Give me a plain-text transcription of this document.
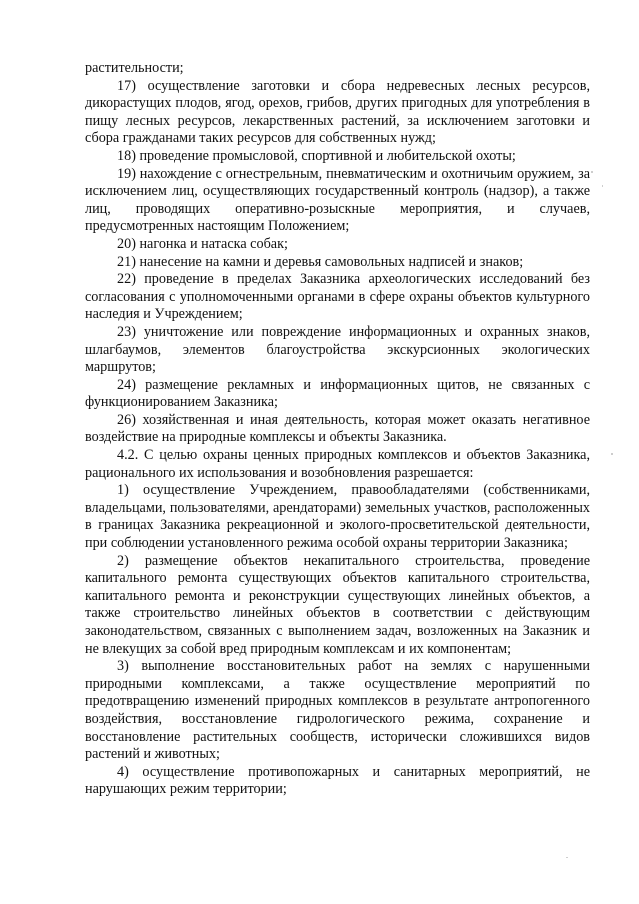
растительности;

17) осуществление заготовки и сбора недревесных лесных ресурсов, дикорастущих плодов, ягод, орехов, грибов, других пригодных для употребления в пищу лесных ресурсов, лекарственных растений, за исключением заготовки и сбора гражданами таких ресурсов для собственных нужд;

18) проведение промысловой, спортивной и любительской охоты;

19) нахождение с огнестрельным, пневматическим и охотничьим оружием, за исключением лиц, осуществляющих государственный контроль (надзор), а также лиц, проводящих оперативно-розыскные мероприятия, и случаев, предусмотренных настоящим Положением;

20) нагонка и натаска собак;

21) нанесение на камни и деревья самовольных надписей и знаков;

22) проведение в пределах Заказника археологических исследований без согласования с уполномоченными органами в сфере охраны объектов культурного наследия и Учреждением;

23) уничтожение или повреждение информационных и охранных знаков, шлагбаумов, элементов благоустройства экскурсионных экологических маршрутов;

24) размещение рекламных и информационных щитов, не связанных с функционированием Заказника;

26) хозяйственная и иная деятельность, которая может оказать негативное воздействие на природные комплексы и объекты Заказника.

4.2. С целью охраны ценных природных комплексов и объектов Заказника, рационального их использования и возобновления разрешается:

1) осуществление Учреждением, правообладателями (собственниками, владельцами, пользователями, арендаторами) земельных участков, расположенных в границах Заказника рекреационной и эколого-просветительской деятельности, при соблюдении установленного режима особой охраны территории Заказника;

2) размещение объектов некапитального строительства, проведение капитального ремонта существующих объектов капитального строительства, капитального ремонта и реконструкции существующих линейных объектов, а также строительство линейных объектов в соответствии с действующим законодательством, связанных с выполнением задач, возложенных на Заказник и не влекущих за собой вред природным комплексам и их компонентам;

3) выполнение восстановительных работ на землях с нарушенными природными комплексами, а также осуществление мероприятий по предотвращению изменений природных комплексов в результате антропогенного воздействия, восстановление гидрологического режима, сохранение и восстановление растительных сообществ, исторически сложившихся видов растений и животных;

4) осуществление противопожарных и санитарных мероприятий, не нарушающих режим территории;
